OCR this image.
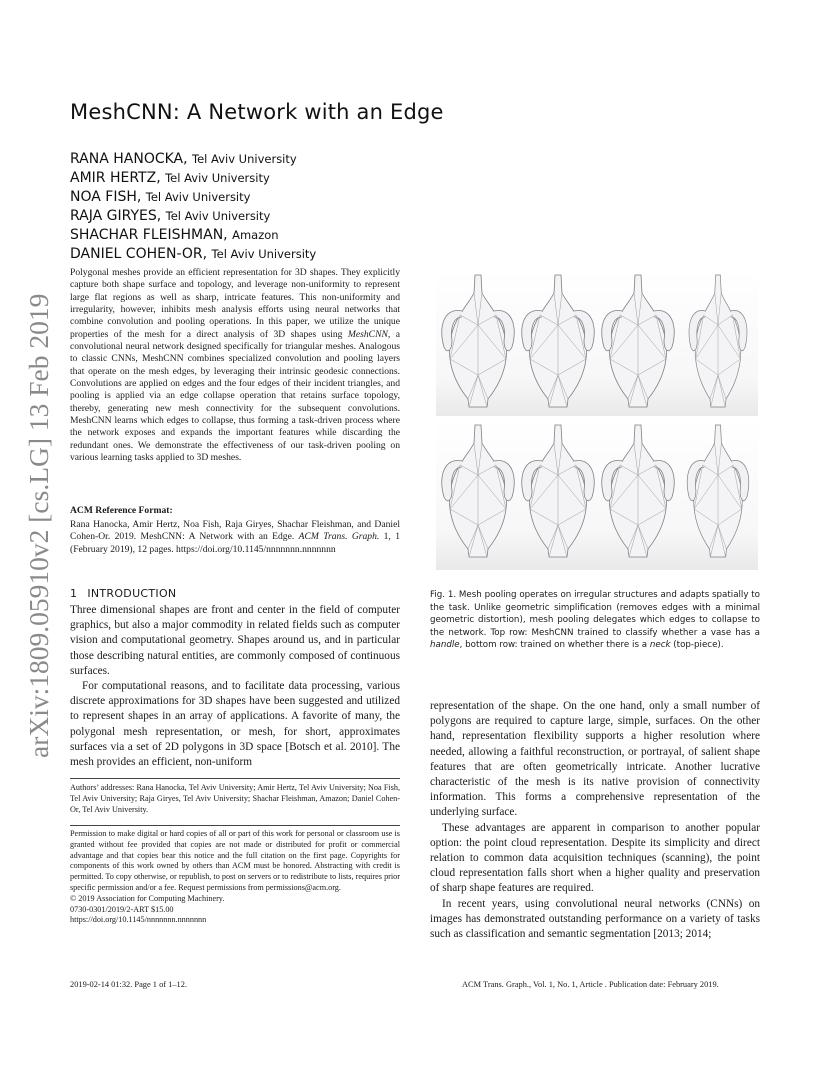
arXiv:1809.05910v2 [cs.LG] 13 Feb 2019
MeshCNN: A Network with an Edge
RANA HANOCKA, Tel Aviv University
AMIR HERTZ, Tel Aviv University
NOA FISH, Tel Aviv University
RAJA GIRYES, Tel Aviv University
SHACHAR FLEISHMAN, Amazon
DANIEL COHEN-OR, Tel Aviv University
Polygonal meshes provide an efficient representation for 3D shapes. They explicitly capture both shape surface and topology, and leverage non-uniformity to represent large flat regions as well as sharp, intricate features. This non-uniformity and irregularity, however, inhibits mesh analysis efforts using neural networks that combine convolution and pooling operations. In this paper, we utilize the unique properties of the mesh for a direct analysis of 3D shapes using MeshCNN, a convolutional neural network designed specifically for triangular meshes. Analogous to classic CNNs, MeshCNN combines specialized convolution and pooling layers that operate on the mesh edges, by leveraging their intrinsic geodesic connections. Convolutions are applied on edges and the four edges of their incident triangles, and pooling is applied via an edge collapse operation that retains surface topology, thereby, generating new mesh connectivity for the subsequent convolutions. MeshCNN learns which edges to collapse, thus forming a task-driven process where the network exposes and expands the important features while discarding the redundant ones. We demonstrate the effectiveness of our task-driven pooling on various learning tasks applied to 3D meshes.
ACM Reference Format:
Rana Hanocka, Amir Hertz, Noa Fish, Raja Giryes, Shachar Fleishman, and Daniel Cohen-Or. 2019. MeshCNN: A Network with an Edge. ACM Trans. Graph. 1, 1 (February 2019), 12 pages. https://doi.org/10.1145/nnnnnnn.nnnnnnn
1 INTRODUCTION

Three dimensional shapes are front and center in the field of computer graphics, but also a major commodity in related fields such as computer vision and computational geometry. Shapes around us, and in particular those describing natural entities, are commonly composed of continuous surfaces.

For computational reasons, and to facilitate data processing, various discrete approximations for 3D shapes have been suggested and utilized to represent shapes in an array of applications. A favorite of many, the polygonal mesh representation, or mesh, for short, approximates surfaces via a set of 2D polygons in 3D space [Botsch et al. 2010]. The mesh provides an efficient, non-uniform

Authors’ addresses: Rana Hanocka, Tel Aviv University; Amir Hertz, Tel Aviv University; Noa Fish, Tel Aviv University; Raja Giryes, Tel Aviv University; Shachar Fleishman, Amazon; Daniel Cohen-Or, Tel Aviv University.
Permission to make digital or hard copies of all or part of this work for personal or classroom use is granted without fee provided that copies are not made or distributed for profit or commercial advantage and that copies bear this notice and the full citation on the first page. Copyrights for components of this work owned by others than ACM must be honored. Abstracting with credit is permitted. To copy otherwise, or republish, to post on servers or to redistribute to lists, requires prior specific permission and/or a fee. Request permissions from permissions@acm.org.
© 2019 Association for Computing Machinery.
0730-0301/2019/2-ART $15.00
https://doi.org/10.1145/nnnnnnn.nnnnnnn
Fig. 1. Mesh pooling operates on irregular structures and adapts spatially to the task. Unlike geometric simplification (removes edges with a minimal geometric distortion), mesh pooling delegates which edges to collapse to the network. Top row: MeshCNN trained to classify whether a vase has a handle, bottom row: trained on whether there is a neck (top-piece).

representation of the shape. On the one hand, only a small number of polygons are required to capture large, simple, surfaces. On the other hand, representation flexibility supports a higher resolution where needed, allowing a faithful reconstruction, or portrayal, of salient shape features that are often geometrically intricate. Another lucrative characteristic of the mesh is its native provision of connectivity information. This forms a comprehensive representation of the underlying surface.

These advantages are apparent in comparison to another popular option: the point cloud representation. Despite its simplicity and direct relation to common data acquisition techniques (scanning), the point cloud representation falls short when a higher quality and preservation of sharp shape features are required.

In recent years, using convolutional neural networks (CNNs) on images has demonstrated outstanding performance on a variety of tasks such as classification and semantic segmentation [2013; 2014;

2019-02-14 01:32. Page 1 of 1–12.	ACM Trans. Graph., Vol. 1, No. 1, Article . Publication date: February 2019.
